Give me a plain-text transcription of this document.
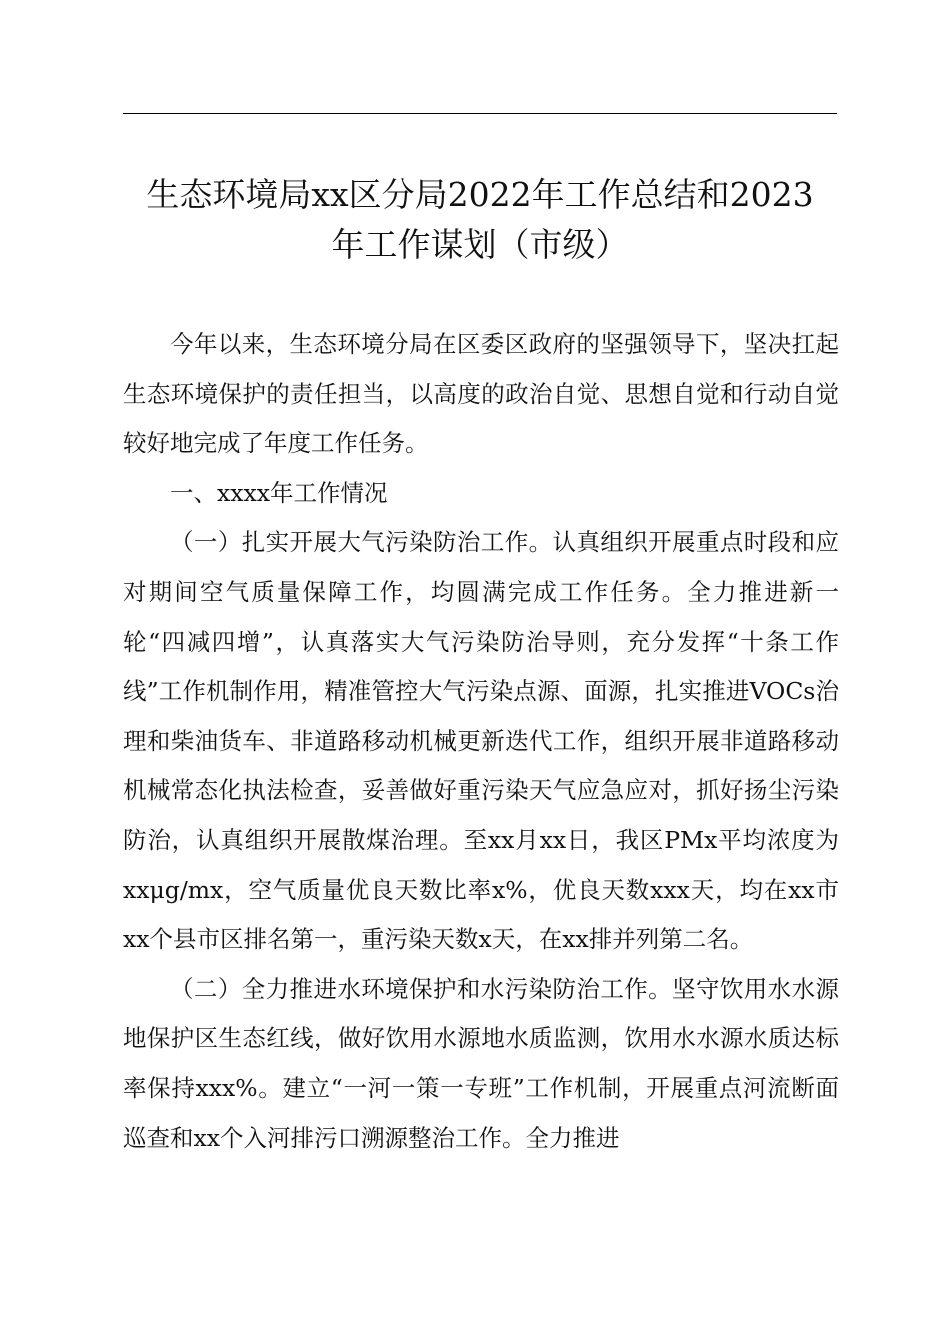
生态环境局xx区分局2022年工作总结和2023
年工作谋划（市级）

今年以来，生态环境分局在区委区政府的坚强领导下，坚决扛起生态环境保护的责任担当，以高度的政治自觉、思想自觉和行动自觉较好地完成了年度工作任务。

一、xxxx年工作情况

（一）扎实开展大气污染防治工作。认真组织开展重点时段和应对期间空气质量保障工作，均圆满完成工作任务。全力推进新一轮“四减四增”，认真落实大气污染防治导则，充分发挥“十条工作线”工作机制作用，精准管控大气污染点源、面源，扎实推进VOCs治理和柴油货车、非道路移动机械更新迭代工作，组织开展非道路移动机械常态化执法检查，妥善做好重污染天气应急应对，抓好扬尘污染防治，认真组织开展散煤治理。至xx月xx日，我区PMx平均浓度为xxμg/mx，空气质量优良天数比率x%，优良天数xxx天，均在xx市xx个县市区排名第一，重污染天数x天，在xx排并列第二名。

（二）全力推进水环境保护和水污染防治工作。坚守饮用水水源地保护区生态红线，做好饮用水源地水质监测，饮用水水源水质达标率保持xxx%。建立“一河一策一专班”工作机制，开展重点河流断面巡查和xx个入河排污口溯源整治工作。全力推进
